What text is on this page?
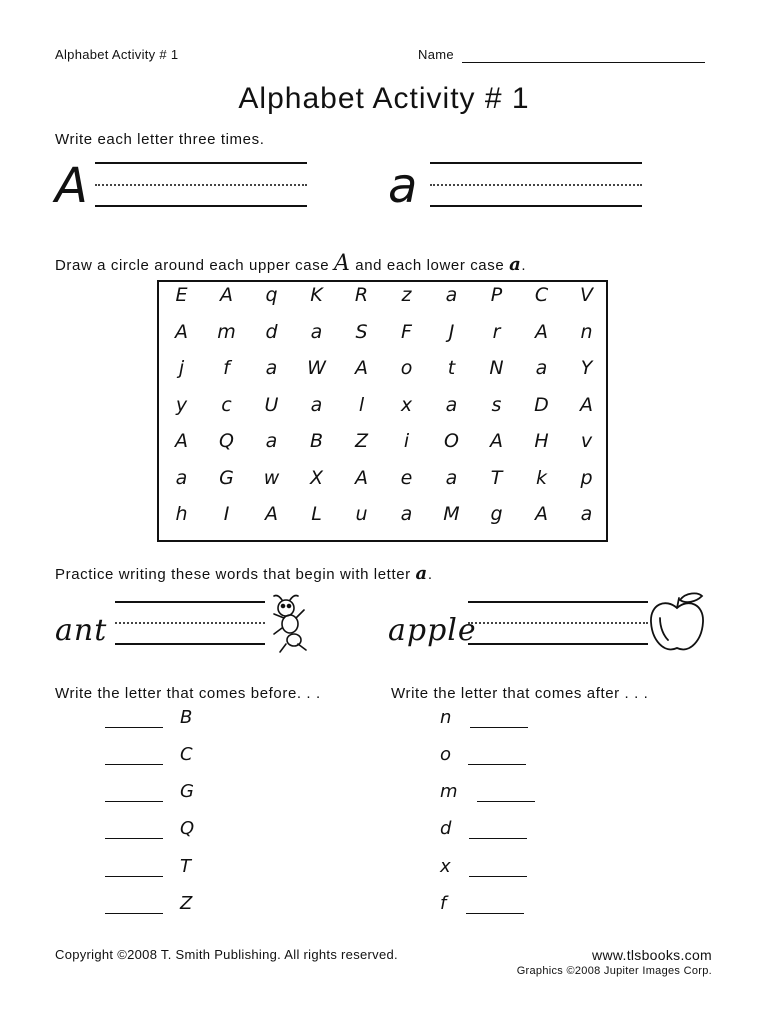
Alphabet Activity # 1	Name
Alphabet Activity # 1
Write each letter three times.
A	a
Draw a circle around each upper case A and each lower case a.
E	A	q	K	R	z	a	P	C	V
A	m	d	a	S	F	J	r	A	n
j	f	a	W	A	o	t	N	a	Y
y	c	U	a	l	x	a	s	D	A
A	Q	a	B	Z	i	O	A	H	v
a	G	w	X	A	e	a	T	k	p
h	I	A	L	u	a	M	g	A	a
Practice writing these words that begin with letter a.
ant	apple
Write the letter that comes before. . .	Write the letter that comes after . . .
Copyright ©2008 T. Smith Publishing. All rights reserved.	www.tlsbooks.com
Graphics ©2008 Jupiter Images Corp.
B
C
G
Q
T
Z
n
o
m
d
x
f
